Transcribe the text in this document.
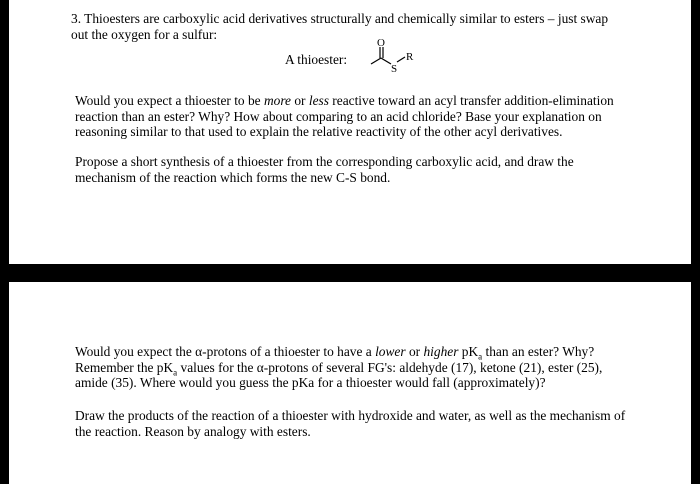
3. Thioesters are carboxylic acid derivatives structurally and chemically similar to esters – just swap
out the oxygen for a sulfur:
A thioester:
O
S
R
Would you expect a thioester to be more or less reactive toward an acyl transfer addition-elimination
reaction than an ester? Why? How about comparing to an acid chloride? Base your explanation on
reasoning similar to that used to explain the relative reactivity of the other acyl derivatives.
Propose a short synthesis of a thioester from the corresponding carboxylic acid, and draw the
mechanism of the reaction which forms the new C-S bond.
Would you expect the α-protons of a thioester to have a lower or higher $pK_a$ than an ester? Why?
Remember the $pK_a$ values for the α-protons of several FG's: aldehyde (17), ketone (21), ester (25),
amide (35). Where would you guess the pKa for a thioester would fall (approximately)?
Draw the products of the reaction of a thioester with hydroxide and water, as well as the mechanism of
the reaction. Reason by analogy with esters.
